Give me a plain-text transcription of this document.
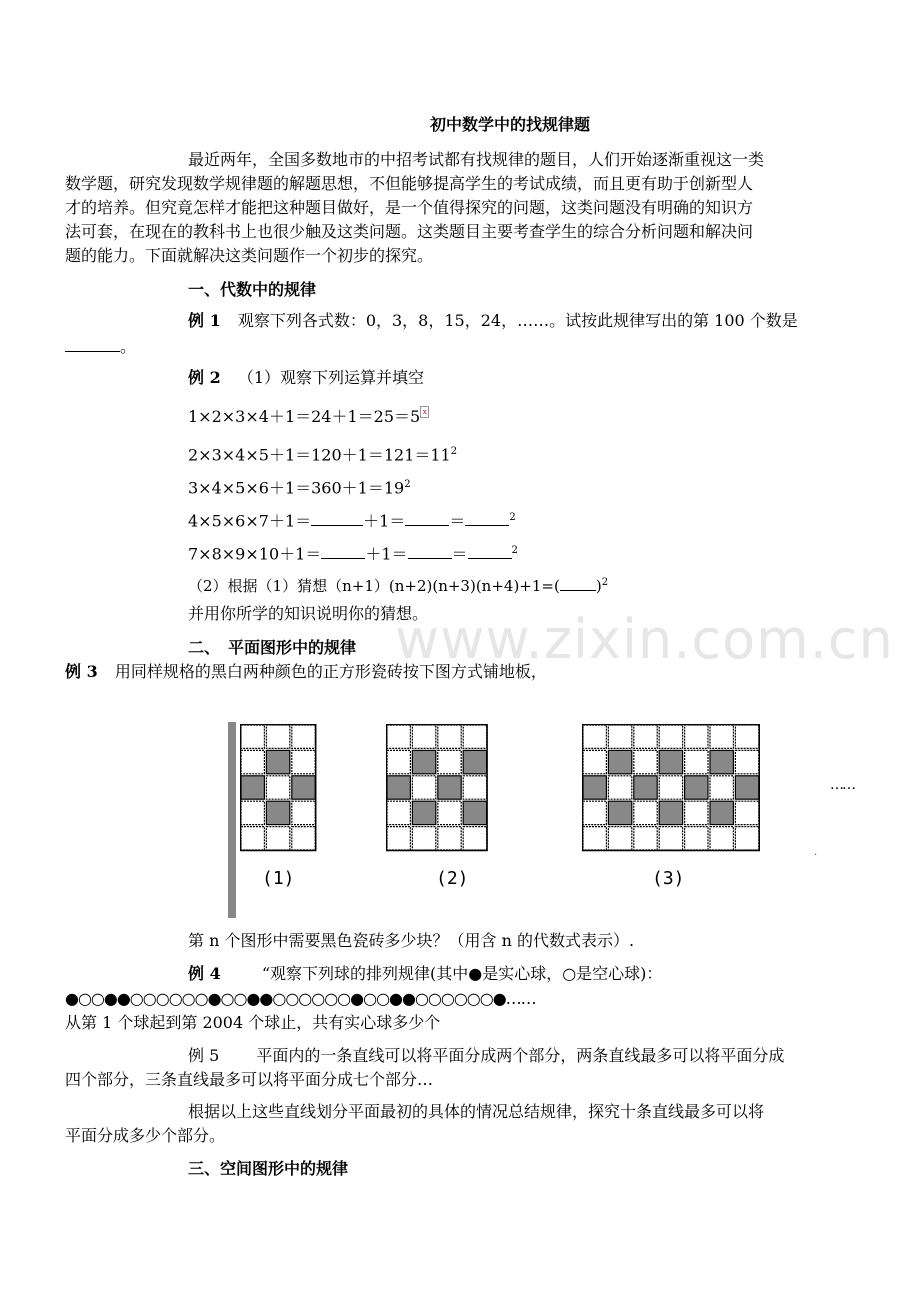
www.zixin.com.cn
初中数学中的找规律题
最近两年，全国多数地市的中招考试都有找规律的题目，人们开始逐渐重视这一类
数学题，研究发现数学规律题的解题思想，不但能够提高学生的考试成绩，而且更有助于创新型人
才的培养。但究竟怎样才能把这种题目做好，是一个值得探究的问题，这类问题没有明确的知识方
法可套，在现在的教科书上也很少触及这类问题。这类题目主要考查学生的综合分析问题和解决问
题的能力。下面就解决这类问题作一个初步的探究。
一、代数中的规律
例 1 观察下列各式数：0，3，8，15，24，……。试按此规律写出的第 100 个数是
。
例 2 （1）观察下列运算并填空
1×2×3×4＋1＝24＋1＝25＝5 x
$2\times 3\times 4\times 5+1=120+1=121=11^2$
$3\times 4\times 5\times 6+1=360+1=19^2$
4×5×6×7＋1＝	＋1＝	＝	$^2$
7×8×9×10＋1＝	＋1＝	＝	$^2$
（2）根据（1）猜想（n+1）(n+2)(n+3)(n+4)+1=( )$^2$
并用你所学的知识说明你的猜想。
二、　平面图形中的规律
例 3 用同样规格的黑白两种颜色的正方形瓷砖按下图方式铺地板，
(1)	(2)	(3)
……
.
第 n 个图形中需要黑色瓷砖多少块？（用含 n 的代数式表示）.
例 4	“观察下列球的排列规律(其中●是实心球，○是空心球)：
●○○●●○○○○○○●○○●●○○○○○○●○○●●○○○○○○●……
从第 1 个球起到第 2004 个球止，共有实心球多少个
例 5 平面内的一条直线可以将平面分成两个部分，两条直线最多可以将平面分成
四个部分，三条直线最多可以将平面分成七个部分…
根据以上这些直线划分平面最初的具体的情况总结规律，探究十条直线最多可以将
平面分成多少个部分。
三、空间图形中的规律
